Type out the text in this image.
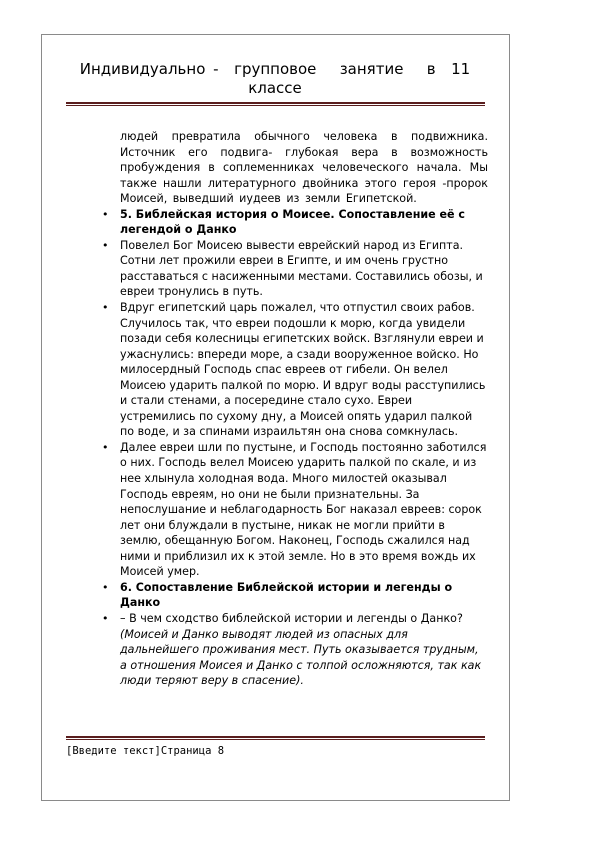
Индивидуально -  групповое   занятие   в  11
классе

людей превратила обычного человека в подвижника. Источник его подвига- глубокая вера в возможность пробуждения в соплеменниках человеческого начала. Мы также нашли литературного двойника этого героя -пророк Моисей, выведший иудеев из земли Египетской.

• 5. Библейская история о Моисее. Сопоставление её с легендой о Данко
• Повелел Бог Моисею вывести еврейский народ из Египта. Сотни лет прожили евреи в Египте, и им очень грустно расставаться с насиженными местами. Составились обозы, и евреи тронулись в путь.
• Вдруг египетский царь пожалел, что отпустил своих рабов. Случилось так, что евреи подошли к морю, когда увидели позади себя колесницы египетских войск. Взглянули евреи и ужаснулись: впереди море, а сзади вооруженное войско. Но милосердный Господь спас евреев от гибели. Он велел Моисею ударить палкой по морю. И вдруг воды расступились и стали стенами, а посередине стало сухо. Евреи устремились по сухому дну, а Моисей опять ударил палкой по воде, и за спинами израильтян она снова сомкнулась.
• Далее евреи шли по пустыне, и Господь постоянно заботился о них. Господь велел Моисею ударить палкой по скале, и из нее хлынула холодная вода. Много милостей оказывал Господь евреям, но они не были признательны. За непослушание и неблагодарность Бог наказал евреев: сорок лет они блуждали в пустыне, никак не могли прийти в землю, обещанную Богом. Наконец, Господь сжалился над ними и приблизил их к этой земле. Но в это время вождь их Моисей умер.
• 6. Сопоставление Библейской истории и легенды о Данко
• – В чем сходство библейской истории и легенды о Данко? (Моисей и Данко выводят людей из опасных для дальнейшего проживания мест. Путь оказывается трудным, а отношения Моисея и Данко с толпой осложняются, так как люди теряют веру в спасение).
[Введите текст]Страница 8
